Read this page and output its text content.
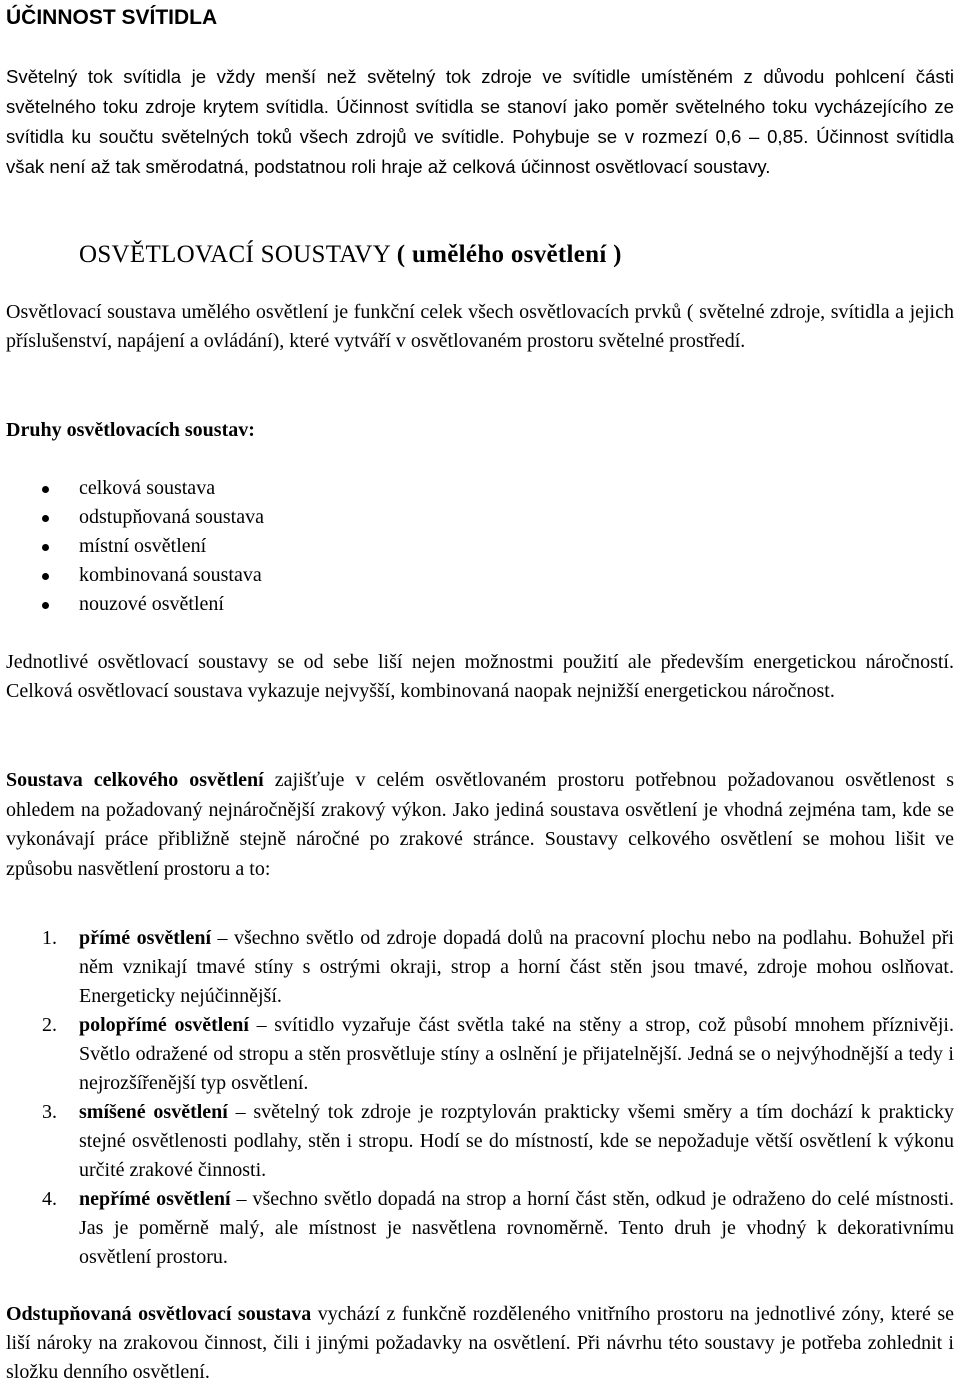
ÚČINNOST SVÍTIDLA

Světelný tok svítidla je vždy menší než světelný tok zdroje ve svítidle umístěném z důvodu pohlcení části světelného toku zdroje krytem svítidla. Účinnost svítidla se stanoví jako poměr světelného toku vycházejícího ze svítidla ku součtu světelných toků všech zdrojů ve svítidle. Pohybuje se v rozmezí 0,6 – 0,85. Účinnost svítidla však není až tak směrodatná, podstatnou roli hraje až celková účinnost osvětlovací soustavy.

OSVĚTLOVACÍ SOUSTAVY ( umělého osvětlení )

Osvětlovací soustava umělého osvětlení je funkční celek všech osvětlovacích prvků ( světelné zdroje, svítidla a jejich příslušenství, napájení a ovládání), které vytváří v osvětlovaném prostoru světelné prostředí.

Druhy osvětlovacích soustav:
celková soustava
odstupňovaná soustava
místní osvětlení
kombinovaná soustava
nouzové osvětlení

Jednotlivé osvětlovací soustavy se od sebe liší nejen možnostmi použití ale především energetickou náročností. Celková osvětlovací soustava vykazuje nejvyšší, kombinovaná naopak nejnižší energetickou náročnost.

Soustava celkového osvětlení zajišťuje v celém osvětlovaném prostoru potřebnou požadovanou osvětlenost s ohledem na požadovaný nejnáročnější zrakový výkon. Jako jediná soustava osvětlení je vhodná zejména tam, kde se vykonávají práce přibližně stejně náročné po zrakové stránce. Soustavy celkového osvětlení se mohou lišit ve způsobu nasvětlení prostoru a to:

1. přímé osvětlení – všechno světlo od zdroje dopadá dolů na pracovní plochu nebo na podlahu. Bohužel při něm vznikají tmavé stíny s ostrými okraji, strop a horní část stěn jsou tmavé, zdroje mohou oslňovat. Energeticky nejúčinnější.
2. polopřímé osvětlení – svítidlo vyzařuje část světla také na stěny a strop, což působí mnohem příznivěji. Světlo odražené od stropu a stěn prosvětluje stíny a oslnění je přijatelnější. Jedná se o nejvýhodnější a tedy i nejrozšířenější typ osvětlení.
3. smíšené osvětlení – světelný tok zdroje je rozptylován prakticky všemi směry a tím dochází k prakticky stejné osvětlenosti podlahy, stěn i stropu. Hodí se do místností, kde se nepožaduje větší osvětlení k výkonu určité zrakové činnosti.
4. nepřímé osvětlení – všechno světlo dopadá na strop a horní část stěn, odkud je odraženo do celé místnosti. Jas je poměrně malý, ale místnost je nasvětlena rovnoměrně. Tento druh je vhodný k dekorativnímu osvětlení prostoru.

Odstupňovaná osvětlovací soustava vychází z funkčně rozděleného vnitřního prostoru na jednotlivé zóny, které se liší nároky na zrakovou činnost, čili i jinými požadavky na osvětlení. Při návrhu této soustavy je potřeba zohlednit i složku denního osvětlení.
